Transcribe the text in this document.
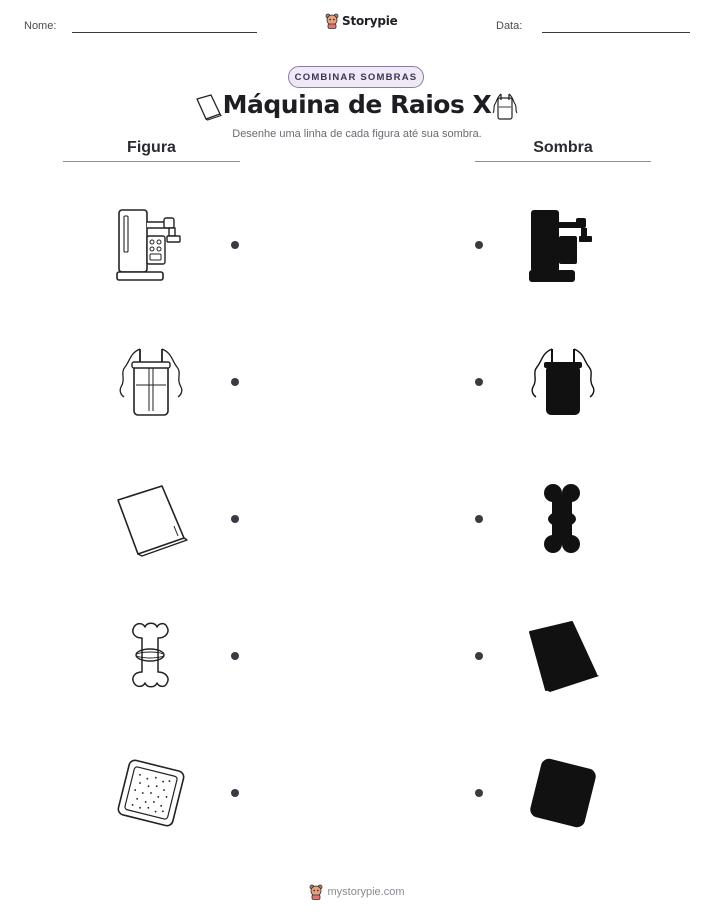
Nome:	Storypie	Data:
COMBINAR SOMBRAS
Máquina de Raios X
Desenhe uma linha de cada figura até sua sombra.
Figura	Sombra
mystorypie.com
